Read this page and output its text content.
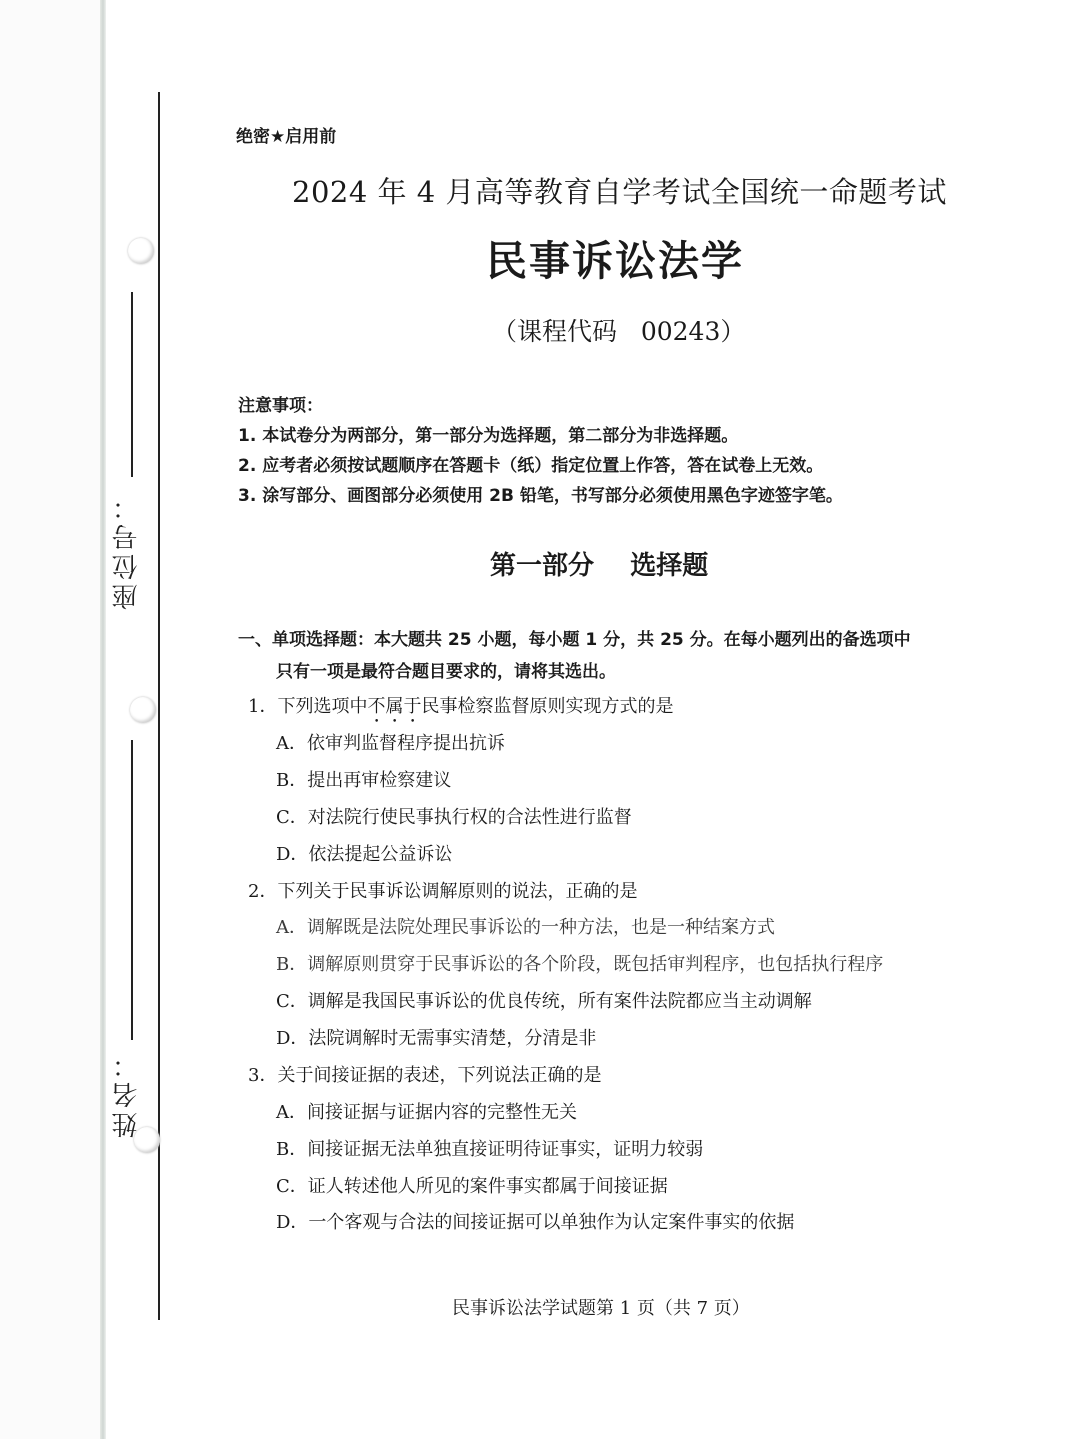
座位号：
姓名：
绝密★启用前
2024 年 4 月高等教育自学考试全国统一命题考试
民事诉讼法学
（课程代码   00243）
注意事项：
1. 本试卷分为两部分，第一部分为选择题，第二部分为非选择题。
2. 应考者必须按试题顺序在答题卡（纸）指定位置上作答，答在试卷上无效。
3. 涂写部分、画图部分必须使用 2B 铅笔，书写部分必须使用黑色字迹签字笔。
第一部分    选择题
一、单项选择题：本大题共 25 小题，每小题 1 分，共 25 分。在每小题列出的备选项中
只有一项是最符合题目要求的，请将其选出。
1．下列选项中不属于民事检察监督原则实现方式的是
A．依审判监督程序提出抗诉
B．提出再审检察建议
C．对法院行使民事执行权的合法性进行监督
D．依法提起公益诉讼
2．下列关于民事诉讼调解原则的说法，正确的是
A．调解既是法院处理民事诉讼的一种方法，也是一种结案方式
B．调解原则贯穿于民事诉讼的各个阶段，既包括审判程序，也包括执行程序
C．调解是我国民事诉讼的优良传统，所有案件法院都应当主动调解
D．法院调解时无需事实清楚，分清是非
3．关于间接证据的表述，下列说法正确的是
A．间接证据与证据内容的完整性无关
B．间接证据无法单独直接证明待证事实，证明力较弱
C．证人转述他人所见的案件事实都属于间接证据
D．一个客观与合法的间接证据可以单独作为认定案件事实的依据
民事诉讼法学试题第 1 页（共 7 页）
